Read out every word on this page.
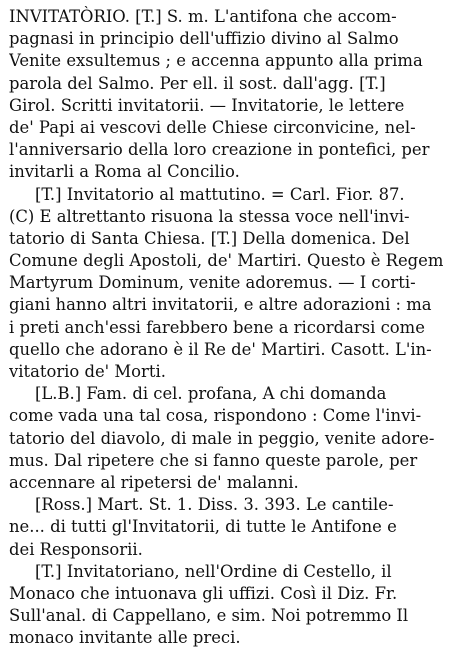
INVITATÒRIO. [T.] S. m. L'antifona che accom-
pagnasi in principio dell'uffizio divino al Salmo
Venite exsultemus ; e accenna appunto alla prima
parola del Salmo. Per ell. il sost. dall'agg. [T.]
Girol. Scritti invitatorii. — Invitatorie, le lettere
de' Papi ai vescovi delle Chiese circonvicine, nel-
l'anniversario della loro creazione in pontefici, per
invitarli a Roma al Concilio.
[T.] Invitatorio al mattutino. = Carl. Fior. 87.
(C) E altrettanto risuona la stessa voce nell'invi-
tatorio di Santa Chiesa. [T.] Della domenica. Del
Comune degli Apostoli, de' Martiri. Questo è Regem
Martyrum Dominum, venite adoremus. — I corti-
giani hanno altri invitatorii, e altre adorazioni : ma
i preti anch'essi farebbero bene a ricordarsi come
quello che adorano è il Re de' Martiri. Casott. L'in-
vitatorio de' Morti.
[L.B.] Fam. di cel. profana, A chi domanda
come vada una tal cosa, rispondono : Come l'invi-
tatorio del diavolo, di male in peggio, venite adore-
mus. Dal ripetere che si fanno queste parole, per
accennare al ripetersi de' malanni.
[Ross.] Mart. St. 1. Diss. 3. 393. Le cantile-
ne... di tutti gl'Invitatorii, di tutte le Antifone e
dei Responsorii.
[T.] Invitatoriano, nell'Ordine di Cestello, il
Monaco che intuonava gli uffizi. Così il Diz. Fr.
Sull'anal. di Cappellano, e sim. Noi potremmo Il
monaco invitante alle preci.
